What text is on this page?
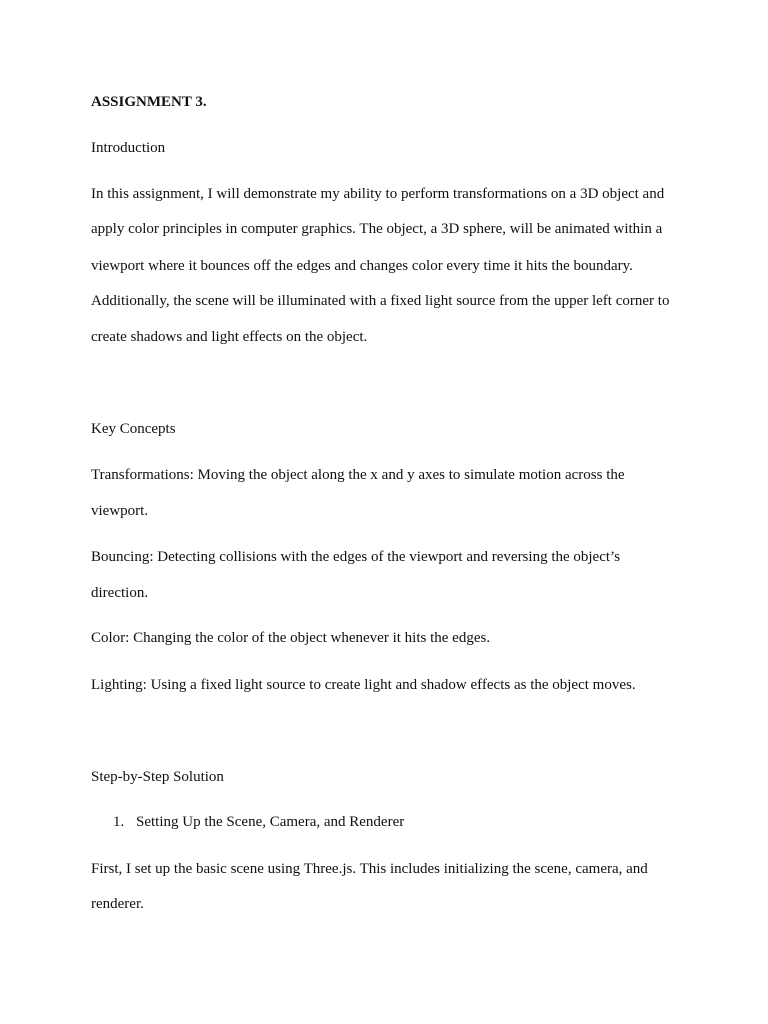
ASSIGNMENT 3.
Introduction
In this assignment, I will demonstrate my ability to perform transformations on a 3D object and
apply color principles in computer graphics. The object, a 3D sphere, will be animated within a
viewport where it bounces off the edges and changes color every time it hits the boundary.
Additionally, the scene will be illuminated with a fixed light source from the upper left corner to
create shadows and light effects on the object.
Key Concepts
Transformations: Moving the object along the x and y axes to simulate motion across the
viewport.
Bouncing: Detecting collisions with the edges of the viewport and reversing the object’s
direction.
Color: Changing the color of the object whenever it hits the edges.
Lighting: Using a fixed light source to create light and shadow effects as the object moves.
Step-by-Step Solution
1. Setting Up the Scene, Camera, and Renderer
First, I set up the basic scene using Three.js. This includes initializing the scene, camera, and
renderer.
